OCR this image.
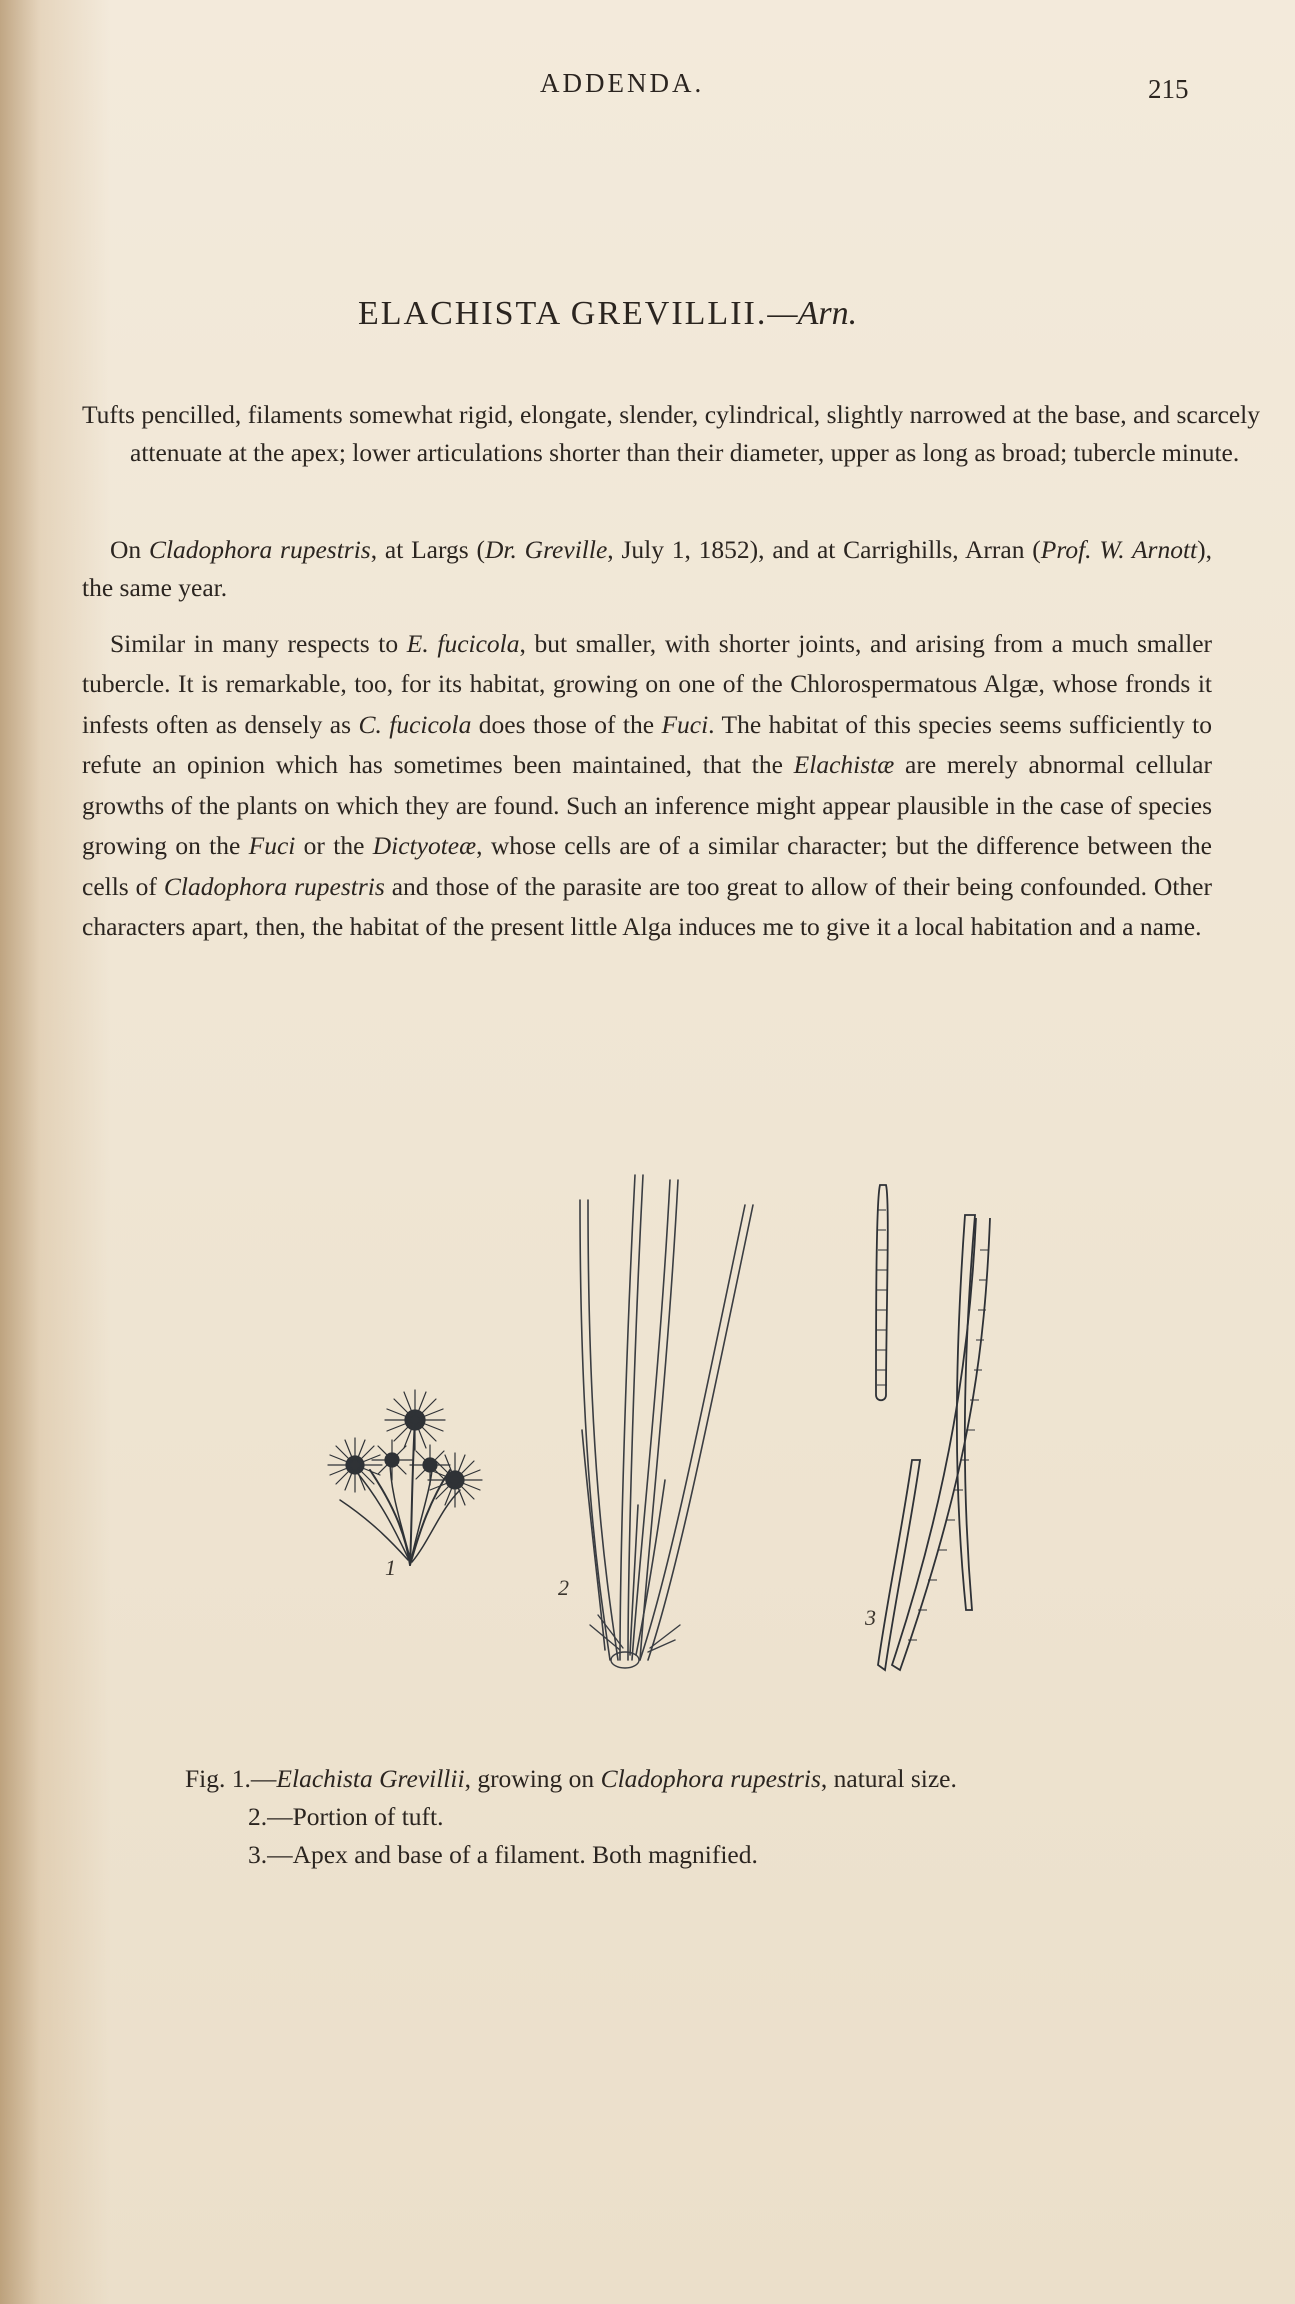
ADDENDA.	215
ELACHISTA GREVILLII.—Arn.

Tufts pencilled, filaments somewhat rigid, elongate, slender, cylindrical, slightly narrowed at the base, and scarcely attenuate at the apex; lower articulations shorter than their diameter, upper as long as broad; tubercle minute.

On Cladophora rupestris, at Largs (Dr. Greville, July 1, 1852), and at Carrighills, Arran (Prof. W. Arnott), the same year.

Similar in many respects to E. fucicola, but smaller, with shorter joints, and arising from a much smaller tubercle. It is remarkable, too, for its habitat, growing on one of the Chlorospermatous Algæ, whose fronds it infests often as densely as C. fucicola does those of the Fuci. The habitat of this species seems sufficiently to refute an opinion which has sometimes been maintained, that the Elachistæ are merely abnormal cellular growths of the plants on which they are found. Such an inference might appear plausible in the case of species growing on the Fuci or the Dictyoteæ, whose cells are of a similar character; but the difference between the cells of Cladophora rupestris and those of the parasite are too great to allow of their being confounded. Other characters apart, then, the habitat of the present little Alga induces me to give it a local habitation and a name.

1
2
3
Fig. 1.—Elachista Grevillii, growing on Cladophora rupestris, natural size.
2.—Portion of tuft.
3.—Apex and base of a filament. Both magnified.
